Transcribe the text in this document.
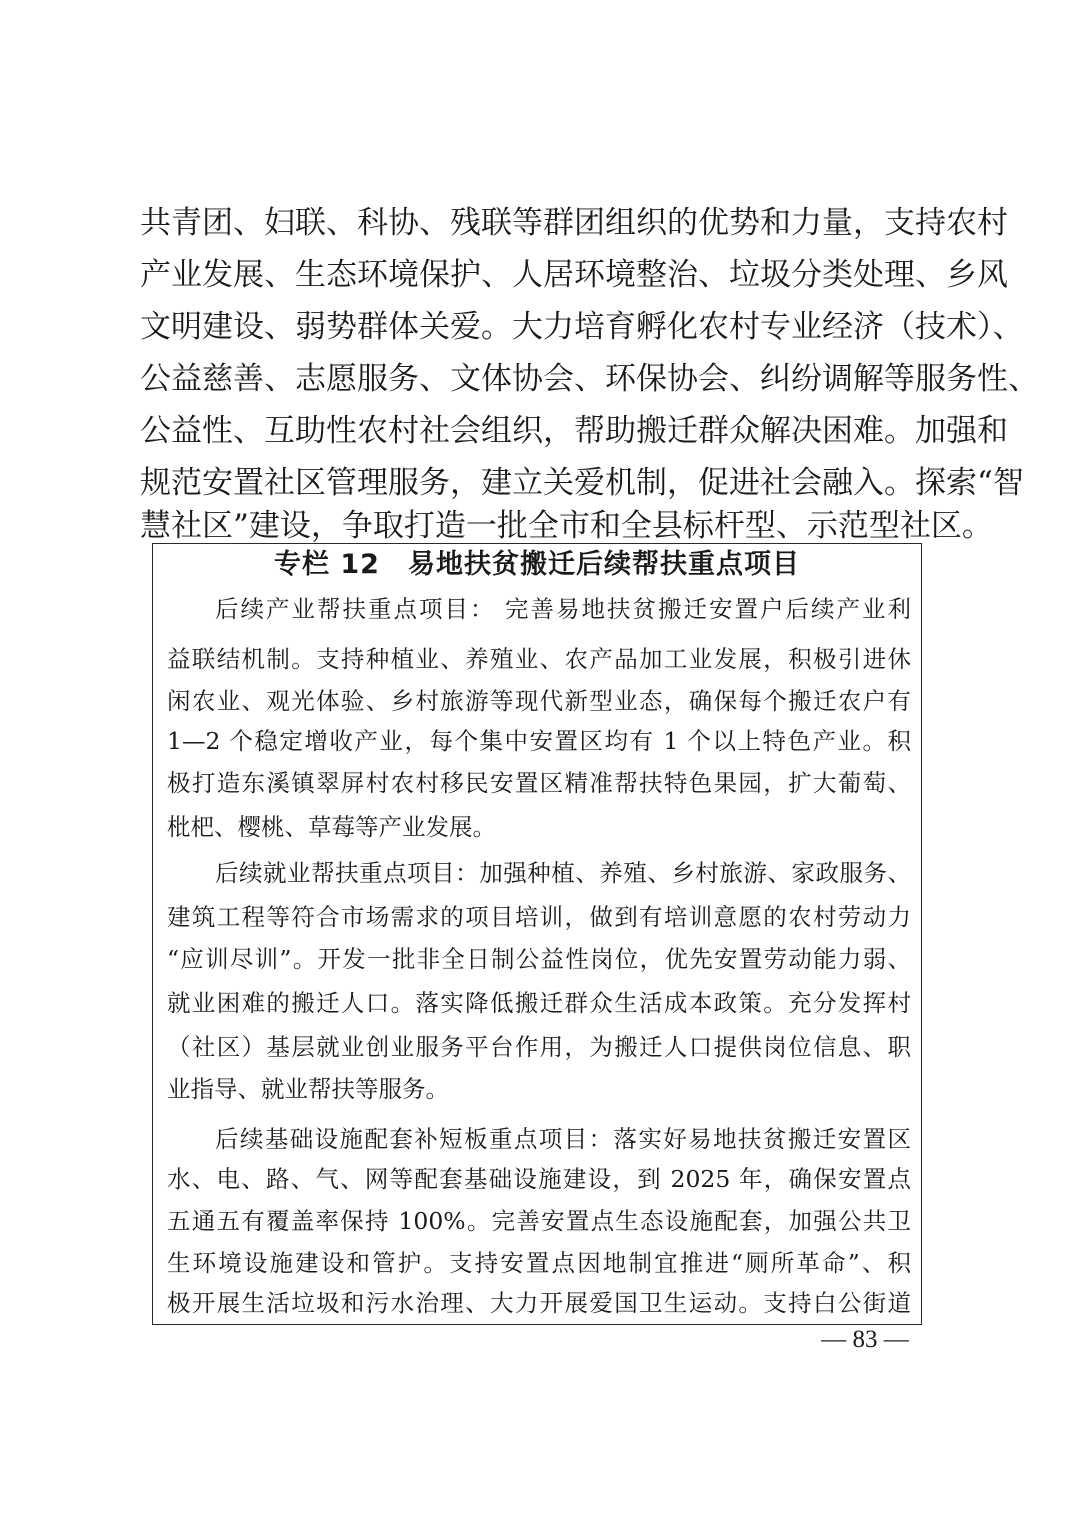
共青团、妇联、科协、残联等群团组织的优势和力量，支持农村

产业发展、生态环境保护、人居环境整治、垃圾分类处理、乡风

文明建设、弱势群体关爱。大力培育孵化农村专业经济（技术）、

公益慈善、志愿服务、文体协会、环保协会、纠纷调解等服务性、

公益性、互助性农村社会组织，帮助搬迁群众解决困难。加强和

规范安置社区管理服务，建立关爱机制，促进社会融入。探索“智

慧社区”建设，争取打造一批全市和全县标杆型、示范型社区。

专栏 12　易地扶贫搬迁后续帮扶重点项目

后续产业帮扶重点项目： 完善易地扶贫搬迁安置户后续产业利

益联结机制。支持种植业、养殖业、农产品加工业发展，积极引进休

闲农业、观光体验、乡村旅游等现代新型业态，确保每个搬迁农户有

1—2 个稳定增收产业，每个集中安置区均有 1 个以上特色产业。积

极打造东溪镇翠屏村农村移民安置区精准帮扶特色果园，扩大葡萄、

枇杷、樱桃、草莓等产业发展。

后续就业帮扶重点项目：加强种植、养殖、乡村旅游、家政服务、

建筑工程等符合市场需求的项目培训，做到有培训意愿的农村劳动力

“应训尽训”。开发一批非全日制公益性岗位，优先安置劳动能力弱、

就业困难的搬迁人口。落实降低搬迁群众生活成本政策。充分发挥村

（社区）基层就业创业服务平台作用，为搬迁人口提供岗位信息、职

业指导、就业帮扶等服务。

后续基础设施配套补短板重点项目：落实好易地扶贫搬迁安置区

水、电、路、气、网等配套基础设施建设，到 2025 年，确保安置点

五通五有覆盖率保持 100%。完善安置点生态设施配套，加强公共卫

生环境设施建设和管护。支持安置点因地制宜推进“厕所革命”、积

极开展生活垃圾和污水治理、大力开展爱国卫生运动。支持白公街道

— 83 —
